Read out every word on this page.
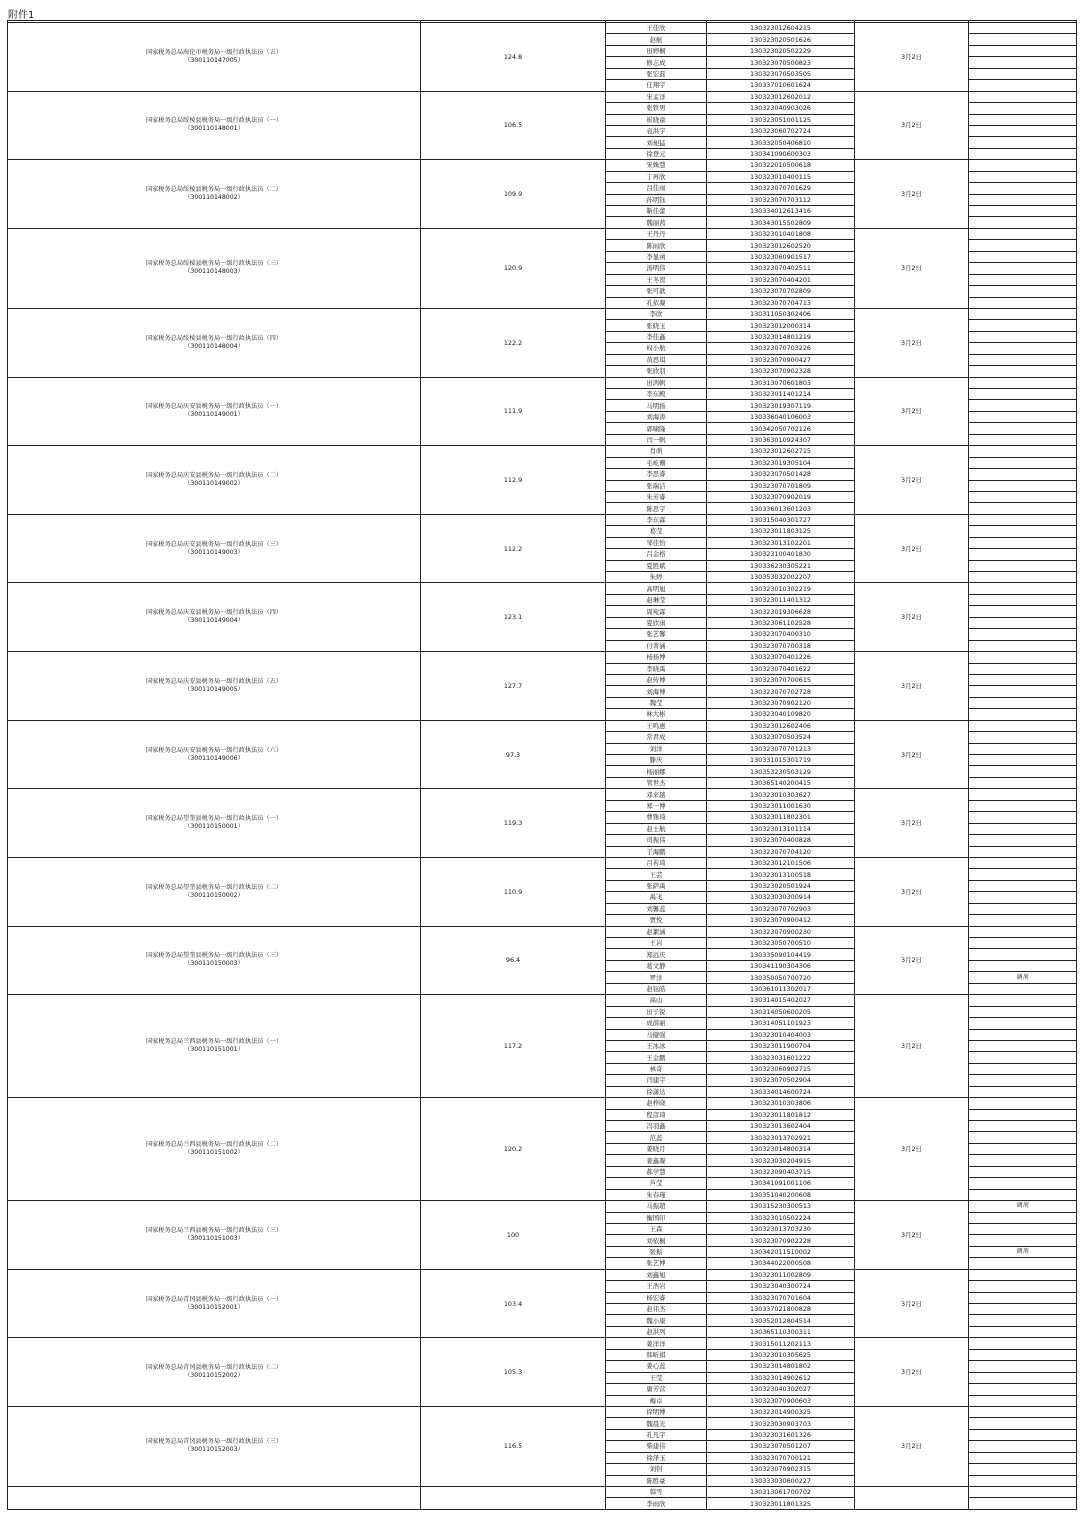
附件1

国家税务总局海伦市税务局一级行政执法员（五）
（300110147005）	124.8	王佳欣	130323012604215	3月2日	
		赵航	130323020501626		
		田婷桐	130323020502229		
		修志成	130323070500823		
		张宏磊	130323070503505		
		任翔宇	130337010601624		

国家税务总局绥棱县税务局一级行政执法员（一）
（300110148001）	106.5	宋孟洋	130323012602012	3月2日	
		张铁男	130323040903026		
		崔晓童	130323051001125		
		袁洪宇	130323060702724		
		刘昶猛	130332050406810		
		徐登元	130341090600303		

国家税务总局绥棱县税务局一级行政执法员（二）
（300110148002）	109.9	宋姝慧	130322010500618	3月2日	
		丁再欣	130323010400115		
		吕佳雨	130323070701629		
		孙明钰	130323070703112		
		靳佳蕾	130334012613416		
		魏丽茜	130343015502809		

国家税务总局绥棱县税务局一级行政执法员（三）
（300110148003）	120.9	王丹丹	130323010401808	3月2日	
		陈雨欣	130323012602520		
		李显函	130323060901517		
		汤明伟	130323070402511		
		王冬贺	130323070404201		
		张可歆	130323070702809		
		孔依凝	130323070704713		

国家税务总局绥棱县税务局一级行政执法员（四）
（300110148004）	122.2	李欣	130311050302406	3月2日	
		张晓玉	130323012000314		
		李佳鑫	130323014801219		
		权小航	130323070703226		
		黄思琪	130323070900427		
		张欣羽	130323070902328		

国家税务总局庆安县税务局一级行政执法员（一）
（300110149001）	111.9	田鸿帆	130313070601803	3月2日	
		李东殿	130323011401214		
		马明扬	130323019307119		
		刘海涛	130336040106003		
		郭啸隆	130342050702126		
		闫一帆	130363010924307		

国家税务总局庆安县税务局一级行政执法员（二）
（300110149002）	112.9	肖萌	130323012602715	3月2日	
		毛屹珊	130323019305104		
		李思睿	130323070501428		
		张瑞洁	130323070701809		
		朱芳睿	130323070902019		
		陈思宇	130336013601203		

国家税务总局庆安县税务局一级行政执法员（三）
（300110149003）	112.2	李东霖	130315040301727	3月2日	
		葛莹	130323011803125		
		邹佳怡	130323013102201		
		吕金格	130323100401830		
		夏胜斌	130336230305221		
		朱婷	130353032002207		

国家税务总局庆安县税务局一级行政执法员（四）
（300110149004）	123.1	高明旭	130323010302219	3月2日	
		赵琳莹	130323011401312		
		周宛霖	130323019306628		
		夏欣雨	130323061102528		
		张艺馨	130323070400310		
		付菁涵	130323070700318		

国家税务总局庆安县税务局一级行政执法员（五）
（300110149005）	127.7	杨扬博	130323070401226	3月2日	
		李晓禹	130323070401622		
		赵传博	130323070700615		
		刘海博	130323070702728		
		魏莹	130323070902120		
		林大彬	130323040109820		

国家税务总局庆安县税务局一级行政执法员（六）
（300110149006）	97.3	王鸣惠	130323012602406	3月2日	
		常君成	130323070503524		
		刘洋	130323070701213		
		滕庆	130331015301719		
		杨丽娜	130353230503129		
		管世杰	130365140200415		

国家税务总局望奎县税务局一级行政执法员（一）
（300110150001）	119.3	邓来越	130323010303627	3月2日	
		郑一博	130323011001630		
		曹铢琦	130323011802301		
		赵士航	130323013101114		
		司振伟	130323070400828		
		于海鹏	130323070704120		

国家税务总局望奎县税务局一级行政执法员（二）
（300110150002）	110.9	吕若琦	130323012101506	3月2日	
		王芸	130323013100518		
		张萨禹	130323020501924		
		禹飞	130323030300914		
		刘馨蕊	130323070702903		
		贾悦	130323070900412		

国家税务总局望奎县税务局一级行政执法员（三）
（300110150003）	96.4	赵絮涵	130323070900230	3月2日	
		王岩	130323050700510		
		郑远庆	130335090104419		
		葛文静	130341190304306		
		罗洋	130350050700720		调剂
		赵钰皓	130361011302017		

国家税务总局兰西县税务局一级行政执法员（一）
（300110151001）	117.2	高山	130314015402027	3月2日	
		田子锐	130314050600205		
		成薛丽	130314051101923		
		马健强	130323010404003		
		王冰冰	130323011900704		
		王金鹏	130323031601222		
		林奇	130323060902715		
		闫建宇	130323070502904		
		徐潇达	130334014600724		

国家税务总局兰西县税务局一级行政执法员（二）
（300110151002）	120.2	赵梓晓	130323010303806	3月2日	
		程彦琦	130323011801812		
		冯羽鑫	130323013602404		
		范蕊	130323013702921		
		姜晓月	130323014800314		
		姜鑫凝	130323030204915		
		郝学慧	130323090403715		
		芦莹	130341091001106		
		朱春瑾	130351040200608		

国家税务总局兰西县税务局一级行政执法员（三）
（300110151003）	100	马振超	130315230300513	3月2日	调剂
		衡国印	130323010502224		
		王森	130323013703230		
		刘依桐	130323070902228		
		张振	130342011510002		调剂
		张艺博	130344022000508		

国家税务总局青冈县税务局一级行政执法员（一）
（300110152001）	103.4	刘鑫旭	130323011002809	3月2日	
		王浩岩	130323040300724		
		杨宏睿	130323070701604		
		赵伟杰	130337021800828		
		魏小康	130352012804514		
		赵洪列	130365110300311		

国家税务总局青冈县税务局一级行政执法员（二）
（300110152002）	105.3	姜洋洋	130315011202113	3月2日	
		韩昕祺	130323010305625		
		姜心蕊	130323014801802		
		王莹	130323014902612		
		庸芳营	130323040302027		
		梅卓	130323070900603		

国家税务总局青冈县税务局一级行政执法员（三）
（300110152003）	116.5	徐明博	130323014900325	3月2日	
		魏晨光	130323030903703		
		孔凡宇	130323031601326		
		柴建伟	130323070501207		
		徐泽玉	130323070700121		
		刘钊	130323070902315		
		陈胜豪	130333030600227		

		韩雪	130313061700702		
		李雨欣	130323011801325		
